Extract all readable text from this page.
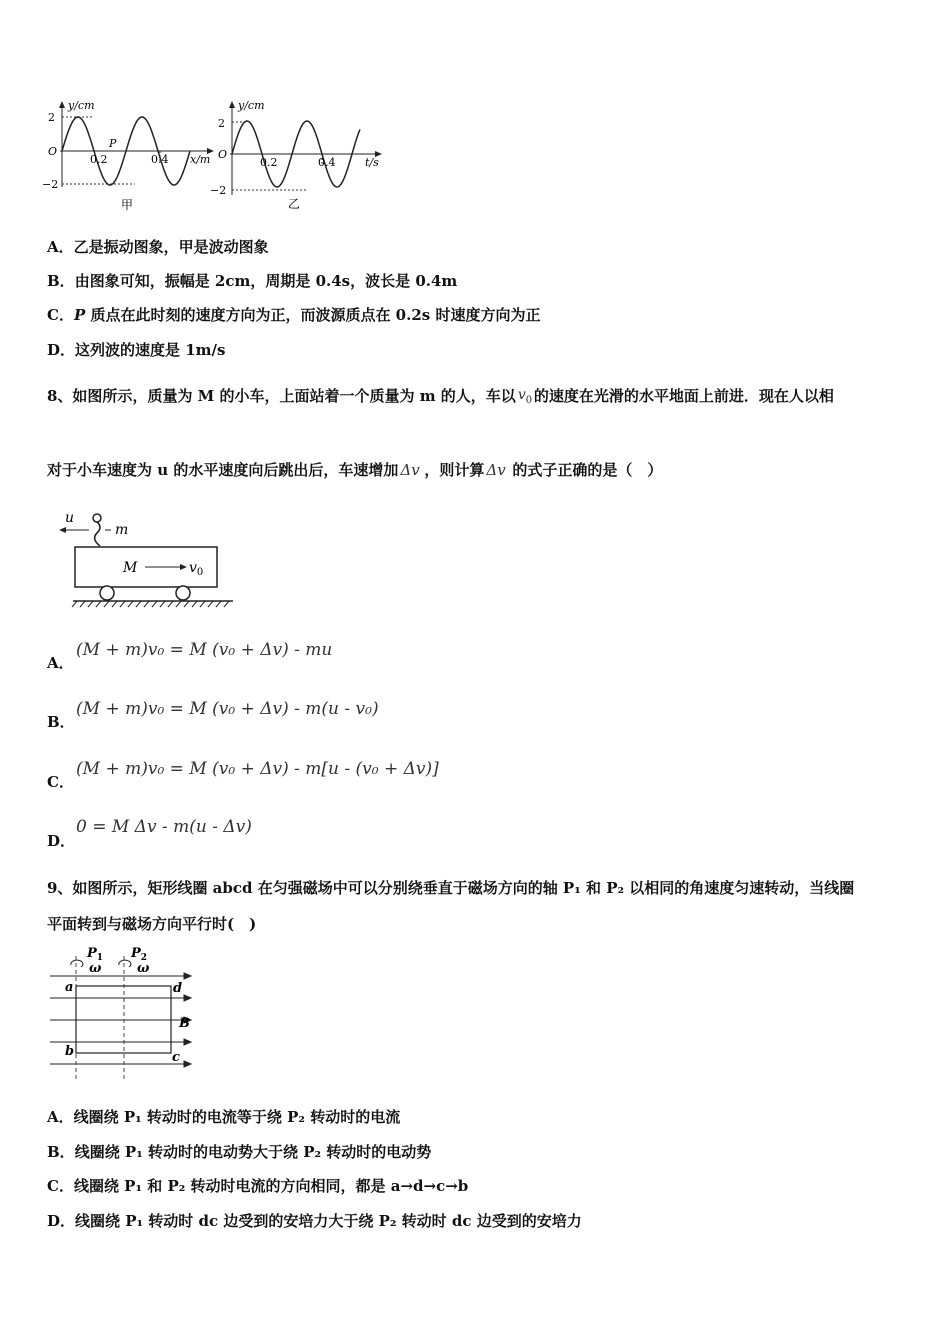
y/cm
2
O
−2
0.2
P
0.4 x/m
甲
y/cm
2
O
−2
0.2	0.4	t/s
乙
A．乙是振动图象，甲是波动图象
B．由图象可知，振幅是 2cm，周期是 0.4s，波长是 0.4m
C．P 质点在此时刻的速度方向为正，而波源质点在 0.2s 时速度方向为正
D．这列波的速度是 1m/s
8、如图所示，质量为 M 的小车，上面站着一个质量为 m 的人，车以 $v_0$ 的速度在光滑的水平地面上前进．现在人以相
对于小车速度为 u 的水平速度向后跳出后，车速增加 Δv ，则计算 Δv 的式子正确的是（　）
u
m
M	$v_0$
A．
(M + m)v₀ = M (v₀ + Δv) - mu
B．
(M + m)v₀ = M (v₀ + Δv) - m(u - v₀)
C．
(M + m)v₀ = M (v₀ + Δv) - m[u - (v₀ + Δv)]
D．
0 = M Δv - m(u - Δv)
9、如图所示，矩形线圈 abcd 在匀强磁场中可以分别绕垂直于磁场方向的轴 P₁ 和 P₂ 以相同的角速度匀速转动，当线圈
平面转到与磁场方向平行时(　)
$P_1$ $P_2$
ω	ω
a	d
b	c
B
A．线圈绕 P₁ 转动时的电流等于绕 P₂ 转动时的电流
B．线圈绕 P₁ 转动时的电动势大于绕 P₂ 转动时的电动势
C．线圈绕 P₁ 和 P₂ 转动时电流的方向相同，都是 a→d→c→b
D．线圈绕 P₁ 转动时 dc 边受到的安培力大于绕 P₂ 转动时 dc 边受到的安培力
